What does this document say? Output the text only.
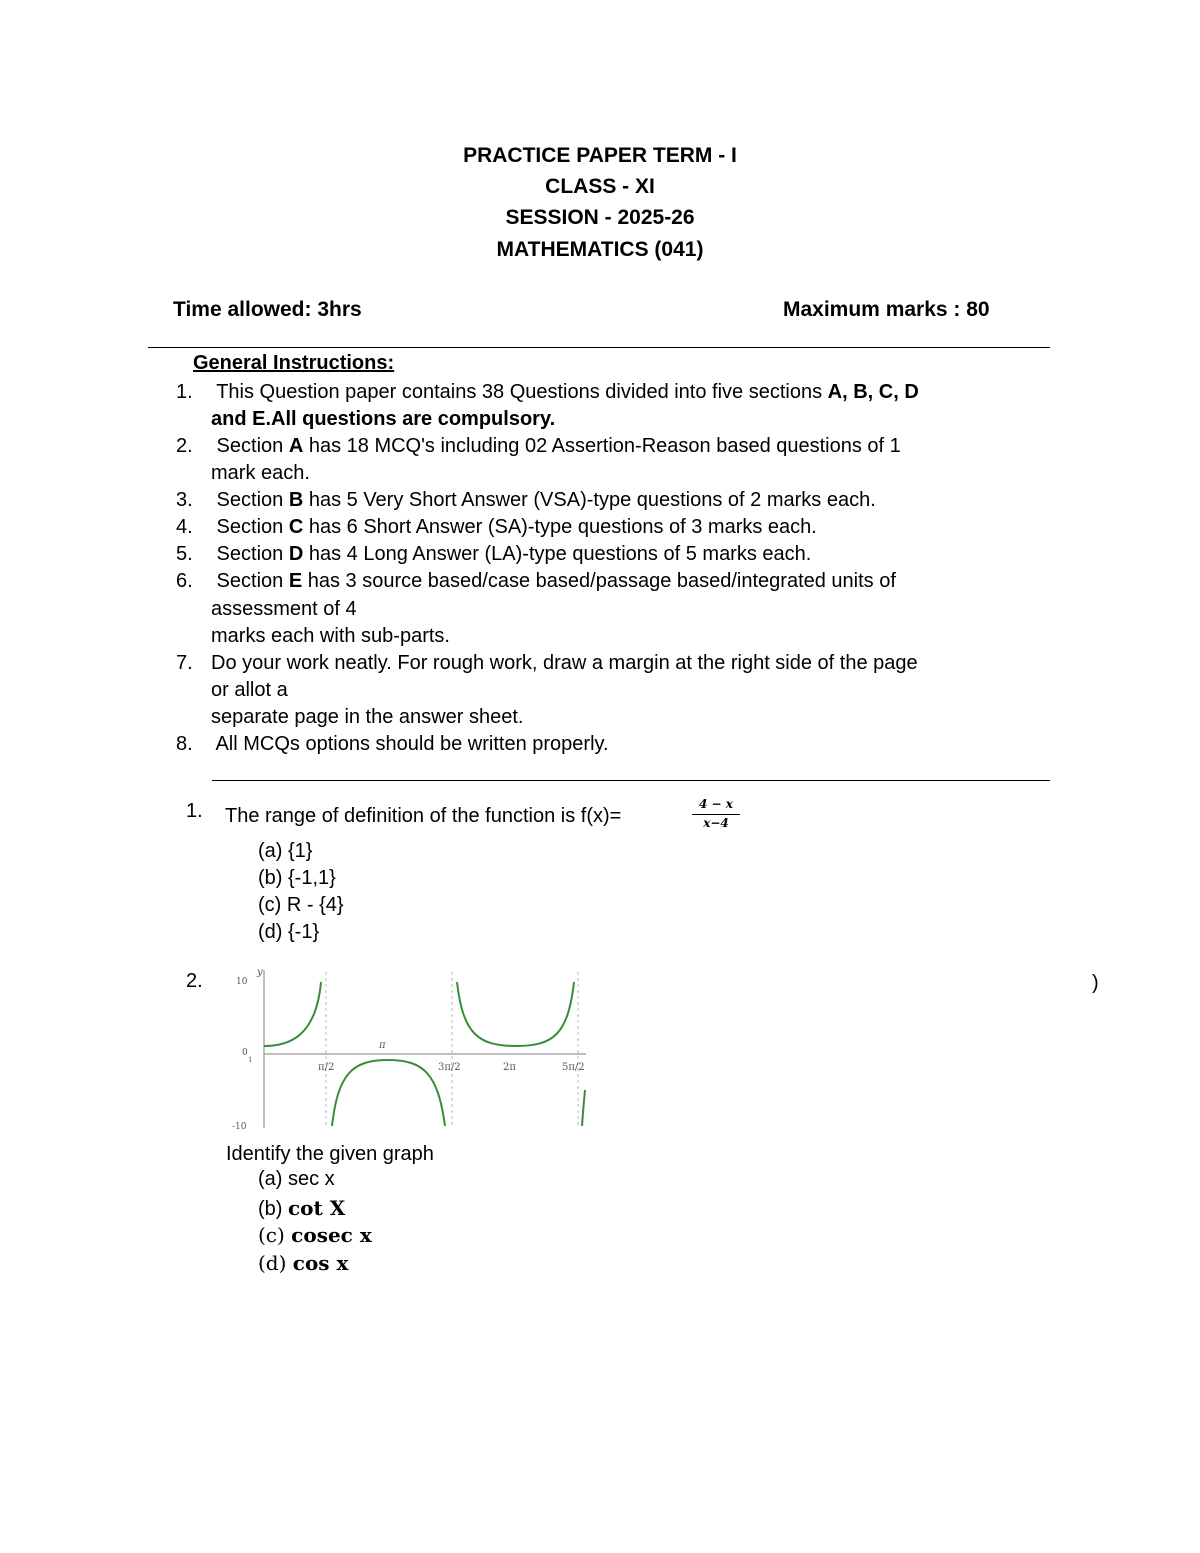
PRACTICE PAPER TERM - I
CLASS - XI
SESSION - 2025-26
MATHEMATICS (041)
Time allowed: 3hrs	Maximum marks : 80
General Instructions:
1. This Question paper contains 38 Questions divided into five sections A, B, C, D
and E.All questions are compulsory.
2. Section A has 18 MCQ's including 02 Assertion-Reason based questions of 1
mark each.
3. Section B has 5 Very Short Answer (VSA)-type questions of 2 marks each.
4. Section C has 6 Short Answer (SA)-type questions of 3 marks each.
5. Section D has 4 Long Answer (LA)-type questions of 5 marks each.
6. Section E has 3 source based/case based/passage based/integrated units of
assessment of 4
marks each with sub-parts.
7. Do your work neatly. For rough work, draw a margin at the right side of the page
or allot a
separate page in the answer sheet.
8. All MCQs options should be written properly.
1. The range of definition of the function is f(x)=
4 − x
x−4
(a) {1}
(b) {-1,1}
(c) R - {4}
(d) {-1}
2.	)
10
y
0
1
-10
π
π/2	3π/2	2π	5π/2
Identify the given graph
(a) sec x
(b) cot X
(c) cosec x
(d) cos x
